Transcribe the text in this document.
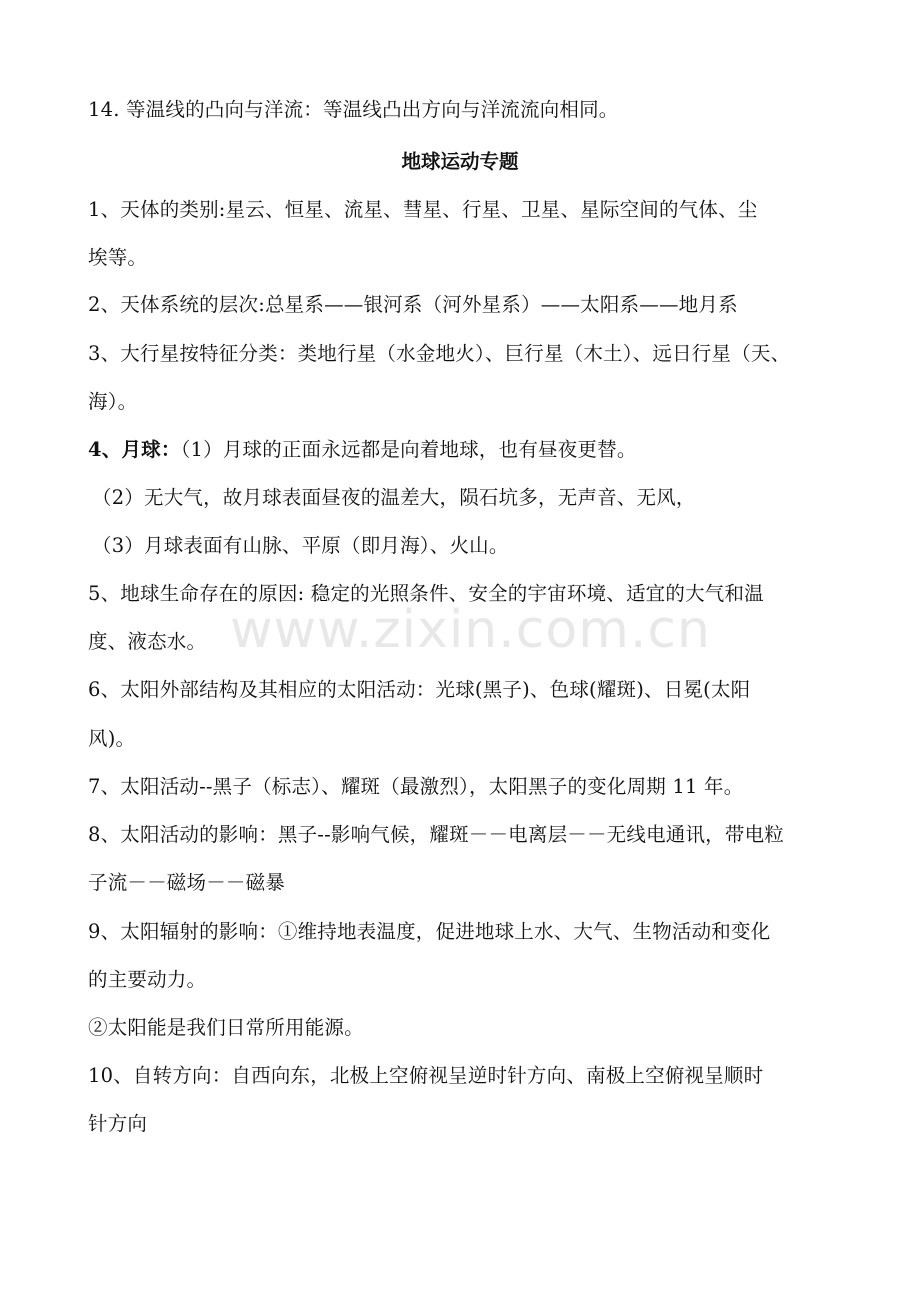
14. 等温线的凸向与洋流：等温线凸出方向与洋流流向相同。
地球运动专题
1、天体的类别:星云、恒星、流星、彗星、行星、卫星、星际空间的气体、尘
埃等。
2、天体系统的层次:总星系——银河系（河外星系）——太阳系——地月系
3、大行星按特征分类：类地行星（水金地火）、巨行星（木土）、远日行星（天、
海）。
4、月球：（1）月球的正面永远都是向着地球，也有昼夜更替。
（2）无大气，故月球表面昼夜的温差大，陨石坑多，无声音、无风，
（3）月球表面有山脉、平原（即月海）、火山。
5、地球生命存在的原因: 稳定的光照条件、安全的宇宙环境、适宜的大气和温
度、液态水。
6、太阳外部结构及其相应的太阳活动：光球(黑子)、色球(耀斑)、日冕(太阳
风)。
7、太阳活动--黑子（标志）、耀斑（最激烈），太阳黑子的变化周期 11 年。
8、太阳活动的影响：黑子--影响气候，耀斑－－电离层－－无线电通讯，带电粒
子流－－磁场－－磁暴
9、太阳辐射的影响：①维持地表温度，促进地球上水、大气、生物活动和变化
的主要动力。
②太阳能是我们日常所用能源。
10、自转方向：自西向东，北极上空俯视呈逆时针方向、南极上空俯视呈顺时
针方向
www.zixin.com.cn
